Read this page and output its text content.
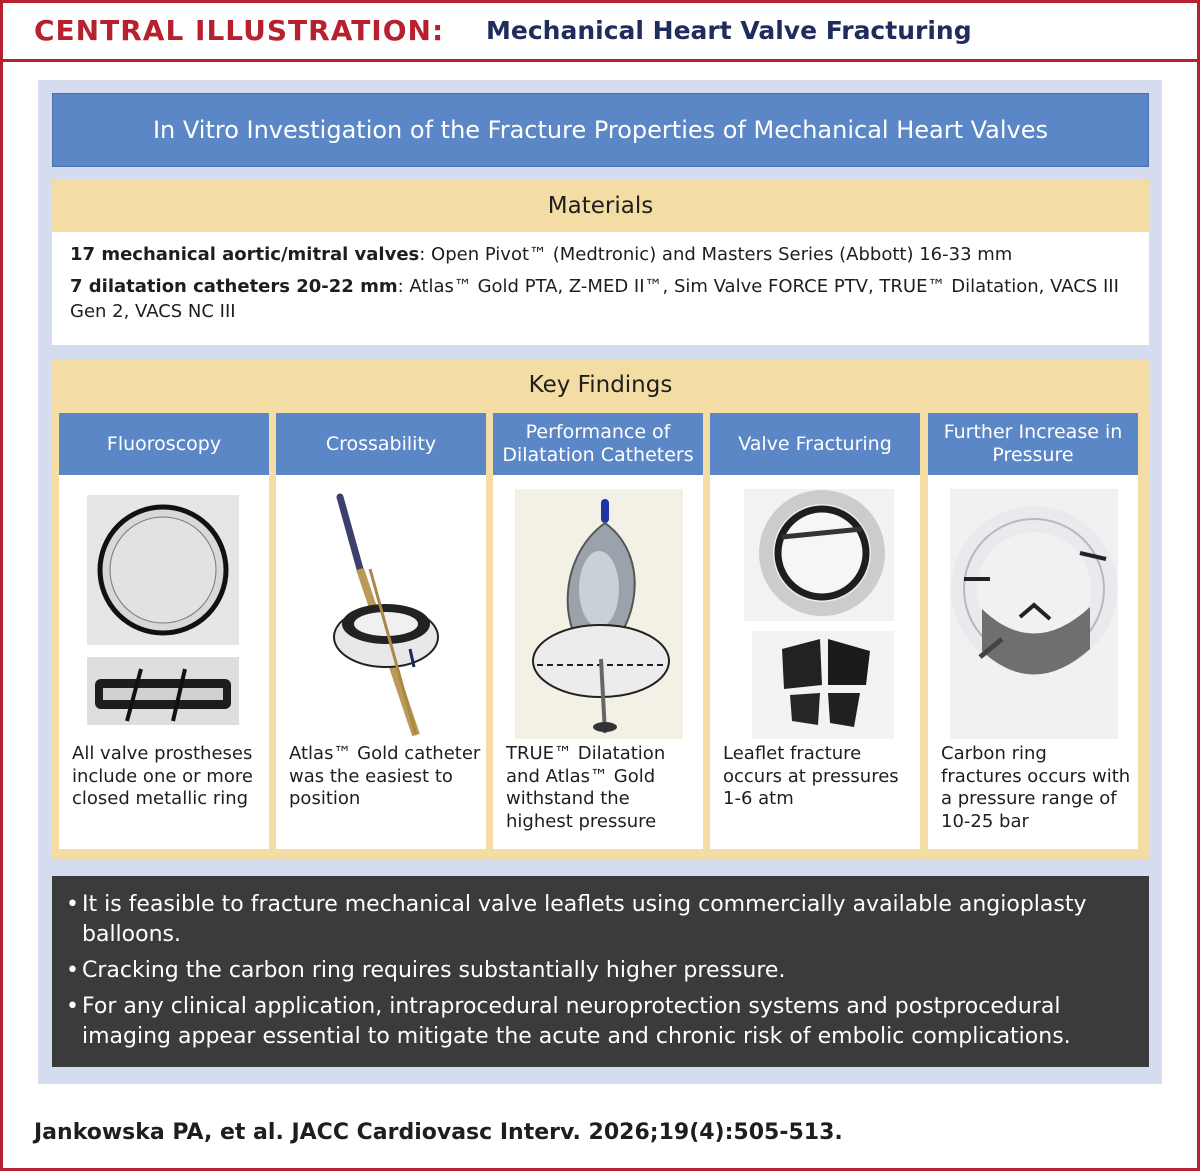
CENTRAL ILLUSTRATION: Mechanical Heart Valve Fracturing
In Vitro Investigation of the Fracture Properties of Mechanical Heart Valves
Materials

17 mechanical aortic/mitral valves: Open Pivot™ (Medtronic) and Masters Series (Abbott) 16-33 mm

7 dilatation catheters 20-22 mm: Atlas™ Gold PTA, Z-MED II™, Sim Valve FORCE PTV, TRUE™ Dilatation, VACS III Gen 2, VACS NC III

Key Findings
Fluoroscopy
All valve prostheses include one or more closed metallic ring
Crossability
Atlas™ Gold catheter was the easiest to position
Performance of Dilatation Catheters
TRUE™ Dilatation and Atlas™ Gold withstand the highest pressure
Valve Fracturing
Leaflet fracture occurs at pressures 1-6 atm
Further Increase in Pressure
Carbon ring fractures occurs with a pressure range of 10-25 bar
• It is feasible to fracture mechanical valve leaflets using commercially available angioplasty balloons.
• Cracking the carbon ring requires substantially higher pressure.
• For any clinical application, intraprocedural neuroprotection systems and postprocedural imaging appear essential to mitigate the acute and chronic risk of embolic complications.
Jankowska PA, et al. JACC Cardiovasc Interv. 2026;19(4):505-513.
